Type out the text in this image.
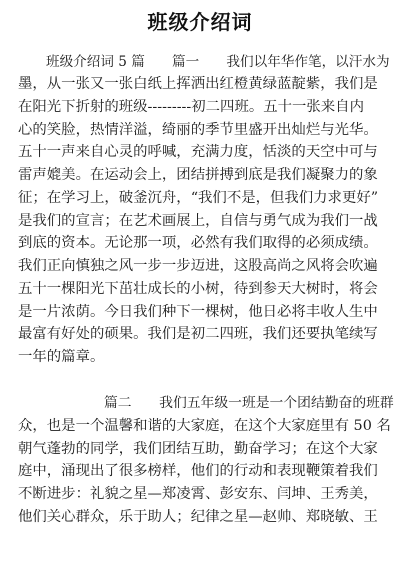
班级介绍词
班级介绍词 5 篇　　篇一　　我们以年华作笔，以汗水为
墨，从一张又一张白纸上挥洒出红橙黄绿蓝靛紫，我们是
在阳光下折射的班级---------初二四班。五十一张来自内
心的笑脸，热情洋溢，绮丽的季节里盛开出灿烂与光华。
五十一声来自心灵的呼喊，充满力度，恬淡的天空中可与
雷声媲美。在运动会上，团结拼搏到底是我们凝聚力的象
征；在学习上，破釜沉舟，“我们不是，但我们力求更好”
是我们的宣言；在艺术画展上，自信与勇气成为我们一战
到底的资本。无论那一项，必然有我们取得的必须成绩。
我们正向慎独之风一步一步迈进，这股高尚之风将会吹遍
五十一棵阳光下茁壮成长的小树，待到参天大树时，将会
是一片浓荫。今日我们种下一棵树，他日必将丰收人生中
最富有好处的硕果。我们是初二四班，我们还要执笔续写
一年的篇章。
篇二　　我们五年级一班是一个团结勤奋的班群
众，也是一个温馨和谐的大家庭，在这个大家庭里有 50 名
朝气蓬勃的同学，我们团结互助，勤奋学习；在这个大家
庭中，涌现出了很多榜样，他们的行动和表现鞭策着我们
不断进步：礼貌之星—郑凌霄、彭安东、闫坤、王秀美，
他们关心群众，乐于助人；纪律之星—赵帅、郑晓敏、王
